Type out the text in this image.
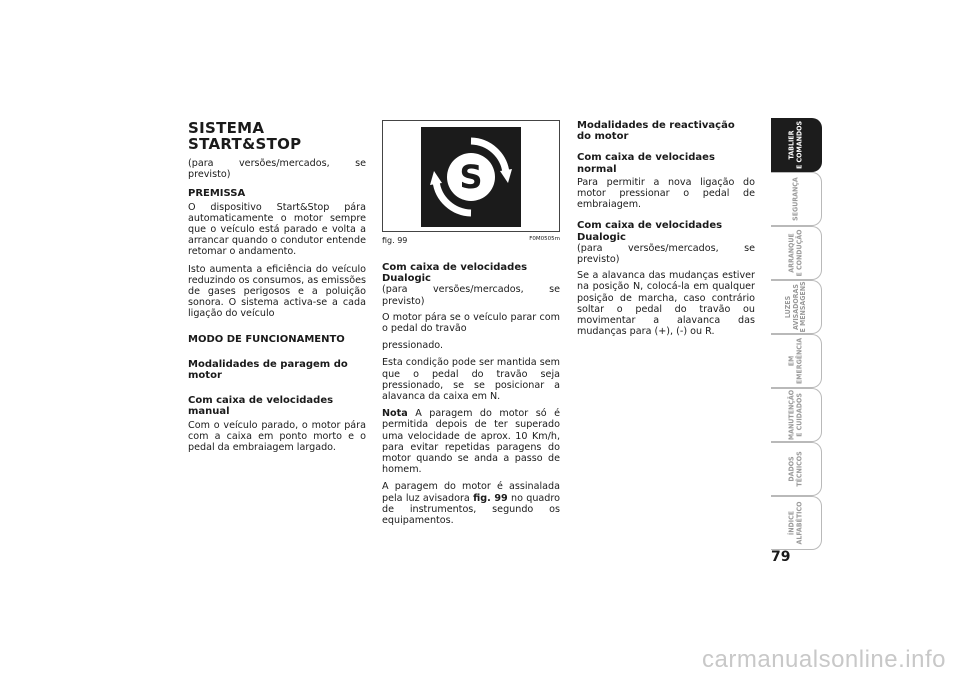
SISTEMA START&STOP

(para versões/mercados, se previsto)

PREMISSA

O dispositivo Start&Stop pára automaticamente o motor sempre que o veículo está parado e volta a arrancar quando o condutor entende retomar o andamento.

Isto aumenta a eficiência do veículo reduzindo os consumos, as emissões de gases perigosos e a poluição sonora. O sistema activa-se a cada ligação do veículo

MODO DE FUNCIONAMENTO

Modalidades de paragem do motor

Com caixa de velocidades manual

Com o veículo parado, o motor pára com a caixa em ponto morto e o pedal da embraiagem largado.

S
fig. 99	F0M0505m

Com caixa de velocidades

Dualogic

(para versões/mercados, se previsto)

O motor pára se o veículo parar com o pedal do travão

pressionado.

Esta condição pode ser mantida sem que o pedal do travão seja pressionado, se se posicionar a alavanca da caixa em N.

Nota A paragem do motor só é permitida depois de ter superado uma velocidade de aprox. 10 Km/h, para evitar repetidas paragens do motor quando se anda a passo de homem.

A paragem do motor é assinalada pela luz avisadora fig. 99 no quadro de instrumentos, segundo os equipamentos.

Modalidades de reactivação

do motor

Com caixa de velocidaes normal

Para permitir a nova ligação do motor pressionar o pedal de embraiagem.

Com caixa de velocidades

Dualogic

(para versões/mercados, se previsto)

Se a alavanca das mudanças estiver na posição N, colocá-la em qualquer posição de marcha, caso contrário soltar o pedal do travão ou movimentar a alavanca das mudanças para (+), (-) ou R.

TABLIER
E COMANDOS
SEGURANÇA
ARRANQUE
E CONDUÇÃO
LUZES
AVISADORAS
E MENSAGENS
EM
EMERGÊNCIA
MANUTENÇÃO
E CUIDADOS
DADOS
TÉCNICOS
ÍNDICE
ALFABÉTICO
79
carmanualsonline.info
